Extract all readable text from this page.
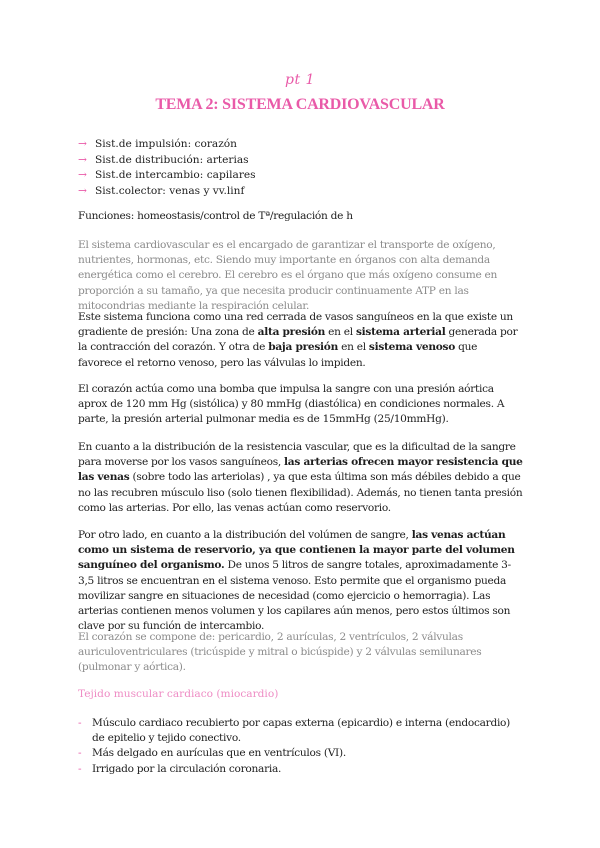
pt 1
TEMA 2: SISTEMA CARDIOVASCULAR
→ Sist.de impulsión: corazón
→ Sist.de distribución: arterias
→ Sist.de intercambio: capilares
→ Sist.colector: venas y vv.linf

Funciones: homeostasis/control de Tª/regulación de h

El sistema cardiovascular es el encargado de garantizar el transporte de oxígeno, nutrientes, hormonas, etc. Siendo muy importante en órganos con alta demanda energética como el cerebro. El cerebro es el órgano que más oxígeno consume en proporción a su tamaño, ya que necesita producir continuamente ATP en las mitocondrias mediante la respiración celular.

Este sistema funciona como una red cerrada de vasos sanguíneos en la que existe un gradiente de presión: Una zona de alta presión en el sistema arterial generada por la contracción del corazón. Y otra de baja presión en el sistema venoso que favorece el retorno venoso, pero las válvulas lo impiden.

El corazón actúa como una bomba que impulsa la sangre con una presión aórtica aprox de 120 mm Hg (sistólica) y 80 mmHg (diastólica) en condiciones normales. A parte, la presión arterial pulmonar media es de 15mmHg (25/10mmHg).

En cuanto a la distribución de la resistencia vascular, que es la dificultad de la sangre para moverse por los vasos sanguíneos, las arterias ofrecen mayor resistencia que las venas (sobre todo las arteriolas) , ya que esta última son más débiles debido a que no las recubren músculo liso (solo tienen flexibilidad). Además, no tienen tanta presión como las arterias. Por ello, las venas actúan como reservorio.

Por otro lado, en cuanto a la distribución del volúmen de sangre, las venas actúan como un sistema de reservorio, ya que contienen la mayor parte del volumen sanguíneo del organismo. De unos 5 litros de sangre totales, aproximadamente 3-3,5 litros se encuentran en el sistema venoso. Esto permite que el organismo pueda movilizar sangre en situaciones de necesidad (como ejercicio o hemorragia). Las arterias contienen menos volumen y los capilares aún menos, pero estos últimos son clave por su función de intercambio.

El corazón se compone de: pericardio, 2 aurículas, 2 ventrículos, 2 válvulas auriculoventriculares (tricúspide y mitral o bicúspide) y 2 válvulas semilunares (pulmonar y aórtica).

Tejido muscular cardiaco (miocardio)
- Músculo cardiaco recubierto por capas externa (epicardio) e interna (endocardio) de epitelio y tejido conectivo.
- Más delgado en aurículas que en ventrículos (VI).
- Irrigado por la circulación coronaria.
